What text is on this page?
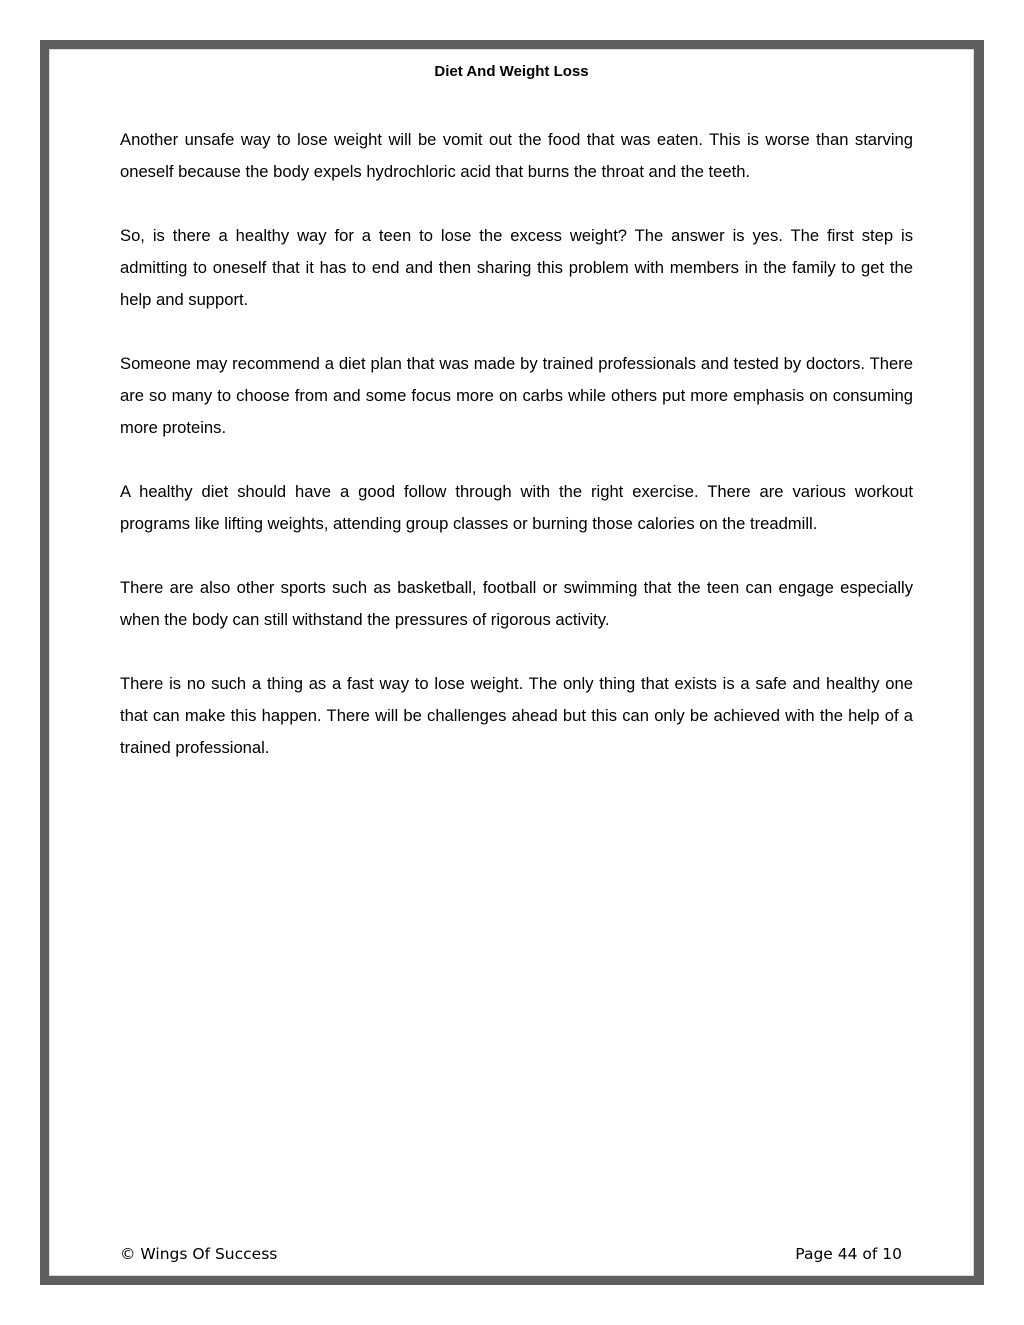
Diet And Weight Loss

Another unsafe way to lose weight will be vomit out the food that was eaten. This is worse than starving oneself because the body expels hydrochloric acid that burns the throat and the teeth.

So, is there a healthy way for a teen to lose the excess weight? The answer is yes. The first step is admitting to oneself that it has to end and then sharing this problem with members in the family to get the help and support.

Someone may recommend a diet plan that was made by trained professionals and tested by doctors. There are so many to choose from and some focus more on carbs while others put more emphasis on consuming more proteins.

A healthy diet should have a good follow through with the right exercise. There are various workout programs like lifting weights, attending group classes or burning those calories on the treadmill.

There are also other sports such as basketball, football or swimming that the teen can engage especially when the body can still withstand the pressures of rigorous activity.

There is no such a thing as a fast way to lose weight. The only thing that exists is a safe and healthy one that can make this happen. There will be challenges ahead but this can only be achieved with the help of a trained professional.

© Wings Of Success	Page 44 of 10
